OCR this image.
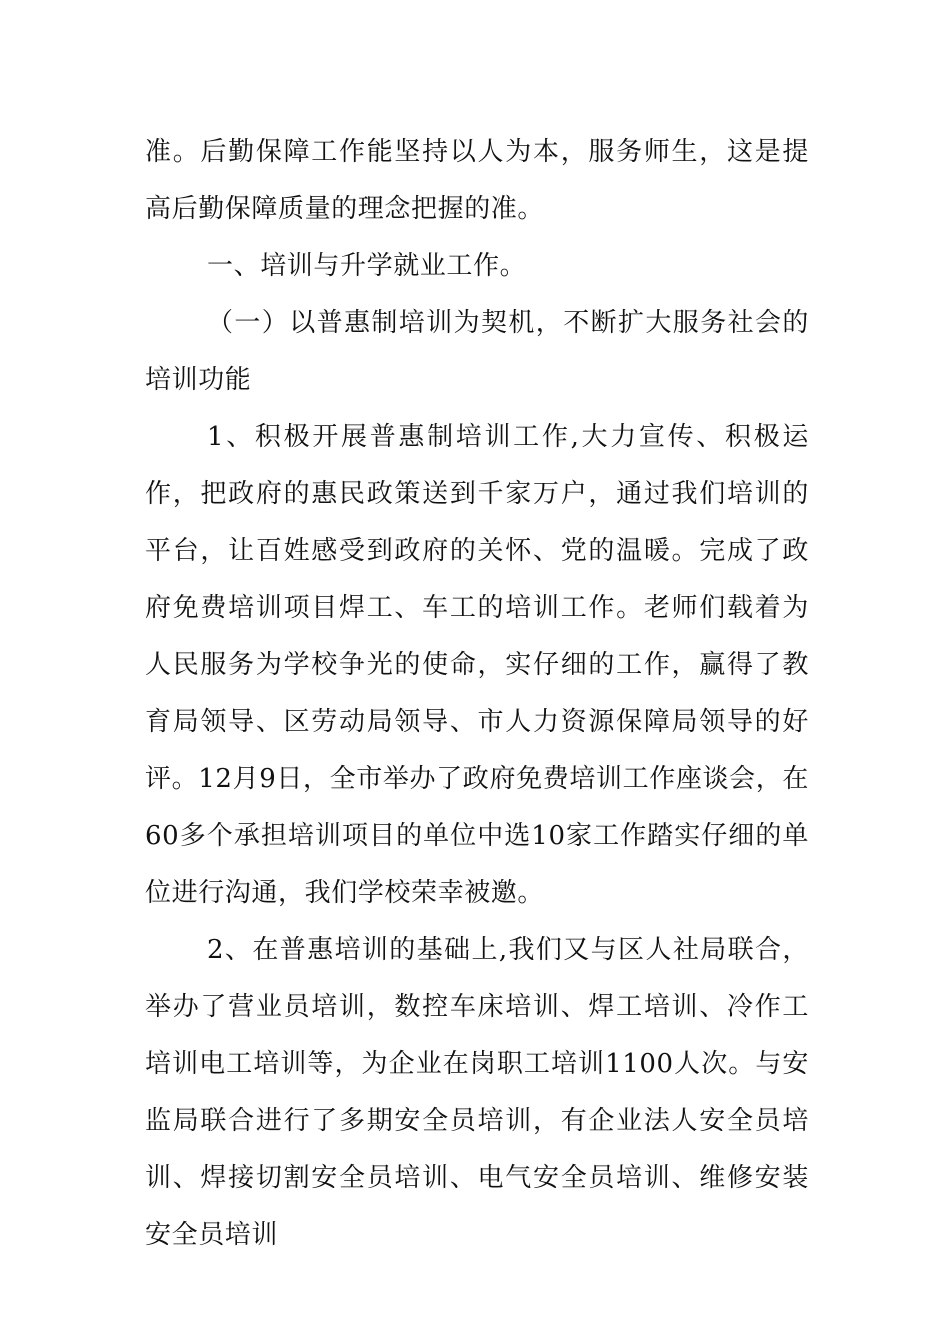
准。后勤保障工作能坚持以人为本，服务师生，这是提高后勤保障质量的理念把握的准。

一、培训与升学就业工作。

（一）以普惠制培训为契机，不断扩大服务社会的培训功能

1、积极开展普惠制培训工作,大力宣传、积极运作，把政府的惠民政策送到千家万户，通过我们培训的平台，让百姓感受到政府的关怀、党的温暖。完成了政府免费培训项目焊工、车工的培训工作。老师们载着为人民服务为学校争光的使命，实仔细的工作，赢得了教育局领导、区劳动局领导、市人力资源保障局领导的好评。12月9日，全市举办了政府免费培训工作座谈会，在60多个承担培训项目的单位中选10家工作踏实仔细的单位进行沟通，我们学校荣幸被邀。

2、在普惠培训的基础上,我们又与区人社局联合，举办了营业员培训，数控车床培训、焊工培训、冷作工培训电工培训等，为企业在岗职工培训1100人次。与安监局联合进行了多期安全员培训，有企业法人安全员培训、焊接切割安全员培训、电气安全员培训、维修安装安全员培训
